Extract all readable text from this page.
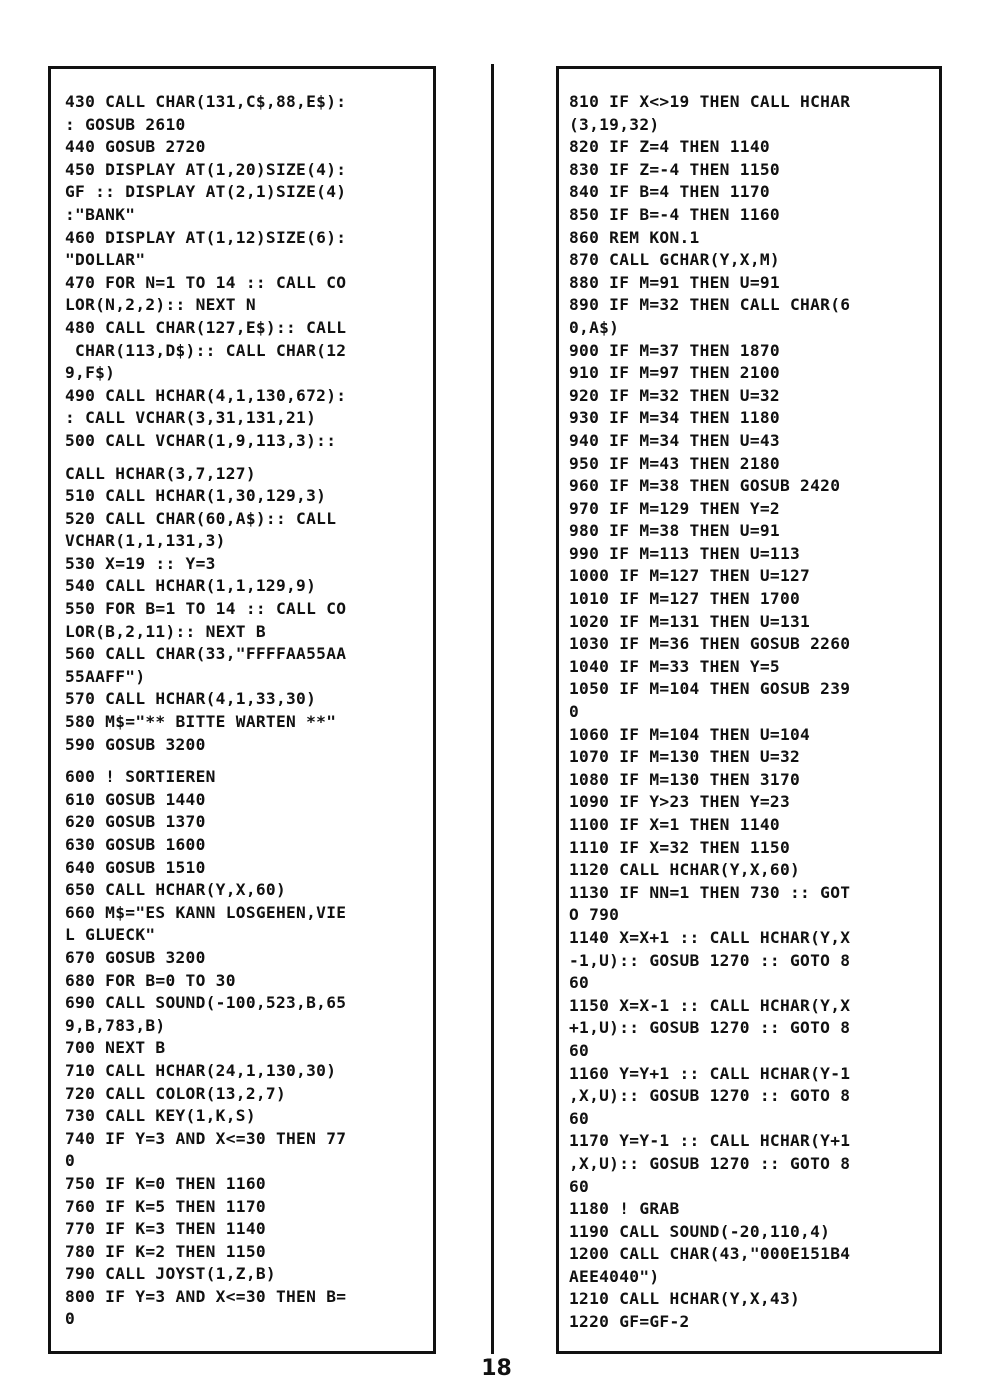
430 CALL CHAR(131,C$,88,E$):
: GOSUB 2610
440 GOSUB 2720
450 DISPLAY AT(1,20)SIZE(4):
GF :: DISPLAY AT(2,1)SIZE(4)
:"BANK"
460 DISPLAY AT(1,12)SIZE(6):
"DOLLAR"
470 FOR N=1 TO 14 :: CALL CO
LOR(N,2,2):: NEXT N
480 CALL CHAR(127,E$):: CALL
CHAR(113,D$):: CALL CHAR(12
9,F$)
490 CALL HCHAR(4,1,130,672):
: CALL VCHAR(3,31,131,21)
500 CALL VCHAR(1,9,113,3)::
CALL HCHAR(3,7,127)
510 CALL HCHAR(1,30,129,3)
520 CALL CHAR(60,A$):: CALL
VCHAR(1,1,131,3)
530 X=19 :: Y=3
540 CALL HCHAR(1,1,129,9)
550 FOR B=1 TO 14 :: CALL CO
LOR(B,2,11):: NEXT B
560 CALL CHAR(33,"FFFFAA55AA
55AAFF")
570 CALL HCHAR(4,1,33,30)
580 M$="** BITTE WARTEN **"
590 GOSUB 3200
600 ! SORTIEREN
610 GOSUB 1440
620 GOSUB 1370
630 GOSUB 1600
640 GOSUB 1510
650 CALL HCHAR(Y,X,60)
660 M$="ES KANN LOSGEHEN,VIE
L GLUECK"
670 GOSUB 3200
680 FOR B=0 TO 30
690 CALL SOUND(-100,523,B,65
9,B,783,B)
700 NEXT B
710 CALL HCHAR(24,1,130,30)
720 CALL COLOR(13,2,7)
730 CALL KEY(1,K,S)
740 IF Y=3 AND X<=30 THEN 77
0
750 IF K=0 THEN 1160
760 IF K=5 THEN 1170
770 IF K=3 THEN 1140
780 IF K=2 THEN 1150
790 CALL JOYST(1,Z,B)
800 IF Y=3 AND X<=30 THEN B=
0
810 IF X<>19 THEN CALL HCHAR
(3,19,32)
820 IF Z=4 THEN 1140
830 IF Z=-4 THEN 1150
840 IF B=4 THEN 1170
850 IF B=-4 THEN 1160
860 REM KON.1
870 CALL GCHAR(Y,X,M)
880 IF M=91 THEN U=91
890 IF M=32 THEN CALL CHAR(6
0,A$)
900 IF M=37 THEN 1870
910 IF M=97 THEN 2100
920 IF M=32 THEN U=32
930 IF M=34 THEN 1180
940 IF M=34 THEN U=43
950 IF M=43 THEN 2180
960 IF M=38 THEN GOSUB 2420
970 IF M=129 THEN Y=2
980 IF M=38 THEN U=91
990 IF M=113 THEN U=113
1000 IF M=127 THEN U=127
1010 IF M=127 THEN 1700
1020 IF M=131 THEN U=131
1030 IF M=36 THEN GOSUB 2260
1040 IF M=33 THEN Y=5
1050 IF M=104 THEN GOSUB 239
0
1060 IF M=104 THEN U=104
1070 IF M=130 THEN U=32
1080 IF M=130 THEN 3170
1090 IF Y>23 THEN Y=23
1100 IF X=1 THEN 1140
1110 IF X=32 THEN 1150
1120 CALL HCHAR(Y,X,60)
1130 IF NN=1 THEN 730 :: GOT
O 790
1140 X=X+1 :: CALL HCHAR(Y,X
-1,U):: GOSUB 1270 :: GOTO 8
60
1150 X=X-1 :: CALL HCHAR(Y,X
+1,U):: GOSUB 1270 :: GOTO 8
60
1160 Y=Y+1 :: CALL HCHAR(Y-1
,X,U):: GOSUB 1270 :: GOTO 8
60
1170 Y=Y-1 :: CALL HCHAR(Y+1
,X,U):: GOSUB 1270 :: GOTO 8
60
1180 ! GRAB
1190 CALL SOUND(-20,110,4)
1200 CALL CHAR(43,"000E151B4
AEE4040")
1210 CALL HCHAR(Y,X,43)
1220 GF=GF-2
18
